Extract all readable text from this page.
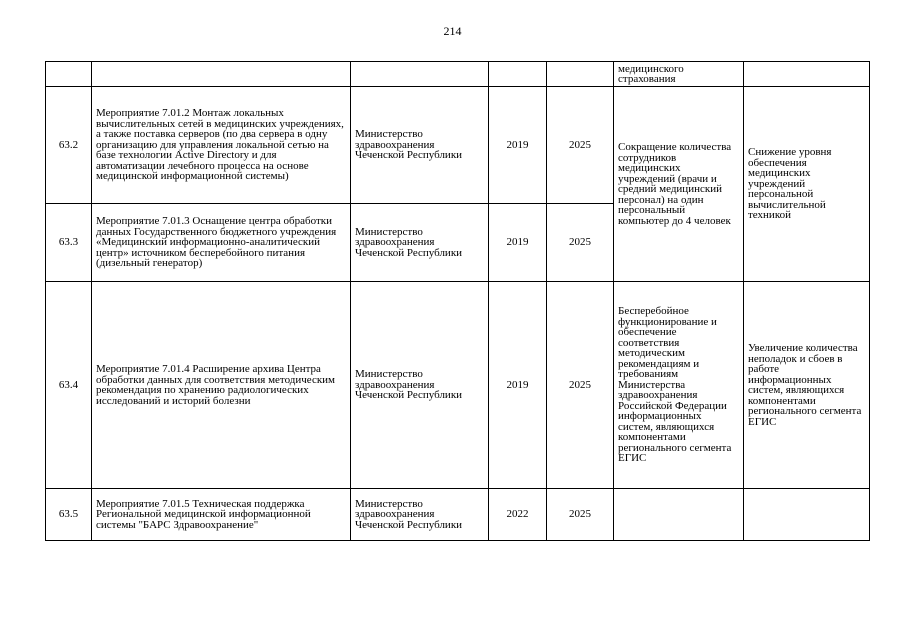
214
					медицинского страхования	
63.2	Мероприятие 7.01.2 Монтаж локальных вычислительных сетей в медицинских учреждениях, а также поставка серверов (по два сервера в одну организацию для управления локальной сетью на базе технологии Active Directory и для автоматизации лечебного процесса на основе медицинской информационной системы)	Министерство здравоохранения Чеченской Республики	2019	2025	Сокращение количества сотрудников медицинских учреждений (врачи и средний медицинский персонал) на один персональный компьютер до 4 человек	Снижение уровня обеспечения медицинских учреждений персональной вычислительной техникой
63.3	Мероприятие 7.01.3 Оснащение центра обработки данных Государственного бюджетного учреждения «Медицинский информационно-аналитический центр» источником бесперебойного питания (дизельный генератор)	Министерство здравоохранения Чеченской Республики	2019	2025		
63.4	Мероприятие 7.01.4 Расширение архива Центра обработки данных для соответствия методическим рекомендация по хранению радиологических исследований и историй болезни	Министерство здравоохранения Чеченской Республики	2019	2025	Бесперебойное функционирование и обеспечение соответствия методическим рекомендациям и требованиям Министерства здравоохранения Российской Федерации информационных систем, являющихся компонентами регионального сегмента ЕГИС	Увеличение количества неполадок и сбоев в работе информационных систем, являющихся компонентами регионального сегмента ЕГИС
63.5	Мероприятие 7.01.5 Техническая поддержка Региональной медицинской информационной системы "БАРС Здравоохранение"	Министерство здравоохранения Чеченской Республики	2022	2025		
